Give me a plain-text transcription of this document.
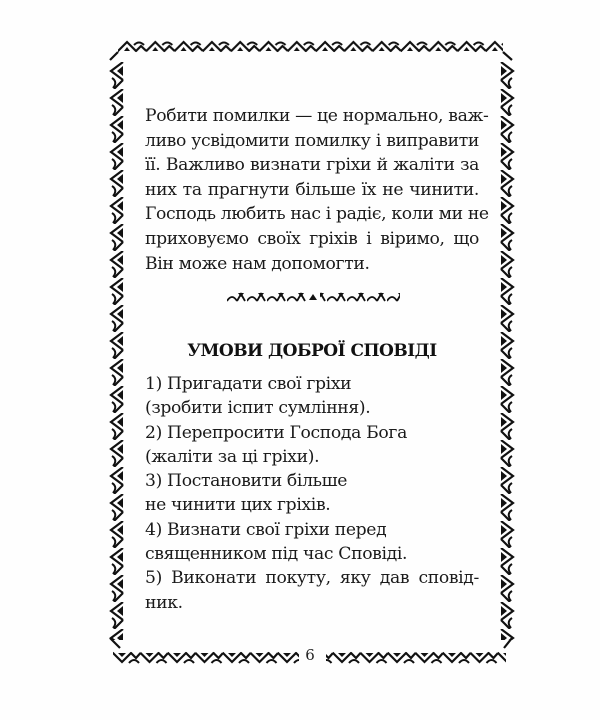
Робити помилки — це нормально, важ-
ливо усвідомити помилку і виправити
її. Важливо визнати гріхи й жаліти за
них та прагнути більше їх не чинити.
Господь любить нас і радіє, коли ми не
приховуємо своїх гріхів і віримо, що
Він може нам допомогти.
УМОВИ ДОБРОЇ СПОВІДІ
1) Пригадати свої гріхи
(зробити іспит сумління).
2) Перепросити Господа Бога
(жаліти за ці гріхи).
3) Постановити більше
не чинити цих гріхів.
4) Визнати свої гріхи перед
священником під час Сповіді.
5) Виконати покуту, яку дав сповід-
ник.
6
